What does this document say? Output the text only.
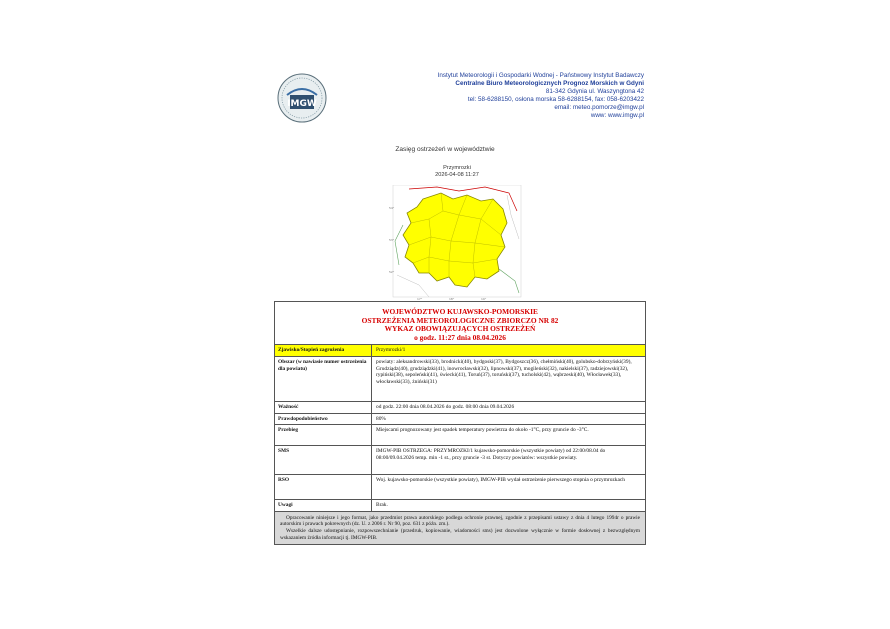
IMGW
Instytut Meteorologii i Gospodarki Wodnej - Państwowy Instytut Badawczy
Centralne Biuro Meteorologicznych Prognoz Morskich w Gdyni
81-342 Gdynia ul. Waszyngtona 42
tel: 58-6288150, osłona morska 58-6288154, fax: 058-6203422
email: meteo.pomorze@imgw.pl
www: www.imgw.pl
Zasięg ostrzeżeń w województwie
Przymrozki
2026-04-08 11:27
54°
53°
52°
17°	18°	19°
WOJEWÓDZTWO KUJAWSKO-POMORSKIE
OSTRZEŻENIA METEOROLOGICZNE ZBIORCZO NR 82
WYKAZ OBOWIĄZUJĄCYCH OSTRZEŻEŃ
o godz. 11:27 dnia 08.04.2026
Zjawisko/Stopień zagrożenia	Przymrozki/1
Obszar (w nawiasie numer ostrzeżenia dla powiatu)
powiaty: aleksandrowski(33), brodnicki(40), bydgoski(37), Bydgoszcz(36), chełmiński(40), golubsko-dobrzyński(39), Grudziądz(40), grudziądzki(41), inowrocławski(32), lipnowski(37), mogileński(32), nakielski(37), radziejowski(32), rypiński(38), sepoleński(41), świecki(41), Toruń(37), toruński(37), tucholski(42), wąbrzeski(40), Włocławek(33), włocławski(33), żniński(31)
Ważność	od godz. 22:00 dnia 08.04.2026 do godz. 08:00 dnia 09.04.2026
Prawdopodobieństwo	80%
Przebieg	Miejscami prognozowany jest spadek temperatury powietrza do około -1°C, przy gruncie do -3°C.
SMS	IMGW-PIB OSTRZEGA: PRZYMROZKI/1 kujawsko-pomorskie (wszystkie powiaty) od 22:00/08.04 do 08:00/09.04.2026 temp. min -1 st., przy gruncie -3 st. Dotyczy powiatów: wszystkie powiaty.
RSO	Woj. kujawsko-pomorskie (wszystkie powiaty), IMGW-PIB wydał ostrzeżenie pierwszego stopnia o przymrozkach
Uwagi	Brak.

Opracowanie niniejsze i jego format, jako przedmiot prawa autorskiego podlega ochronie prawnej, zgodnie z przepisami ustawy z dnia 4 lutego 1994r o prawie autorskim i prawach pokrewnych (dz. U. z 2006 r. Nr 90, poz. 631 z późn. zm.).

Wszelkie dalsze udostępnianie, rozpowszechnianie (przedruk, kopiowanie, wiadomości sms) jest dozwolone wyłącznie w formie dosłownej z bezwzględnym wskazaniem źródła informacji tj. IMGW-PIB.
